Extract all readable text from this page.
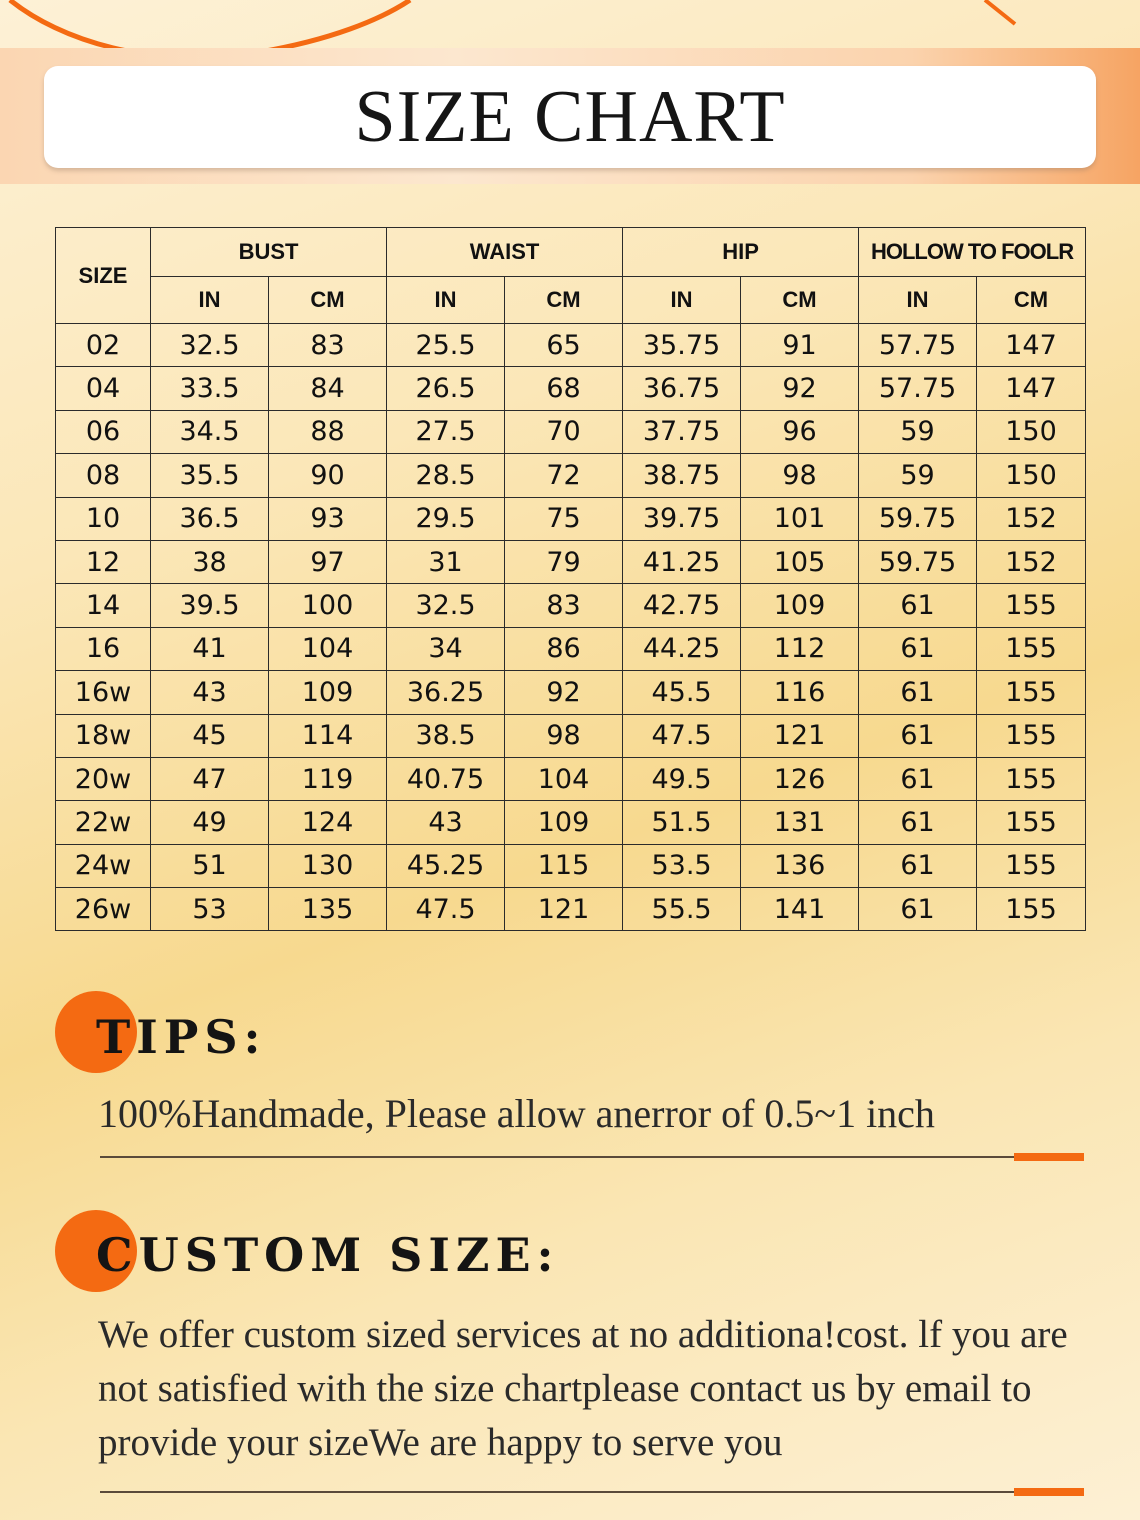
SIZE CHART
SIZE	BUST		WAIST		HIP		HOLLOW TO FOOLR	
	IN	CM	IN	CM	IN	CM	IN	CM
02	32.5	83	25.5	65	35.75	91	57.75	147
04	33.5	84	26.5	68	36.75	92	57.75	147
06	34.5	88	27.5	70	37.75	96	59	150
08	35.5	90	28.5	72	38.75	98	59	150
10	36.5	93	29.5	75	39.75	101	59.75	152
12	38	97	31	79	41.25	105	59.75	152
14	39.5	100	32.5	83	42.75	109	61	155
16	41	104	34	86	44.25	112	61	155
16w	43	109	36.25	92	45.5	116	61	155
18w	45	114	38.5	98	47.5	121	61	155
20w	47	119	40.75	104	49.5	126	61	155
22w	49	124	43	109	51.5	131	61	155
24w	51	130	45.25	115	53.5	136	61	155
26w	53	135	47.5	121	55.5	141	61	155
TIPS:

100%Handmade, Please allow anerror of 0.5~1 inch

CUSTOM SIZE:

We offer custom sized services at no additiona!cost. lf you are not satisfied with the size chartplease contact us by email to provide your sizeWe are happy to serve you
